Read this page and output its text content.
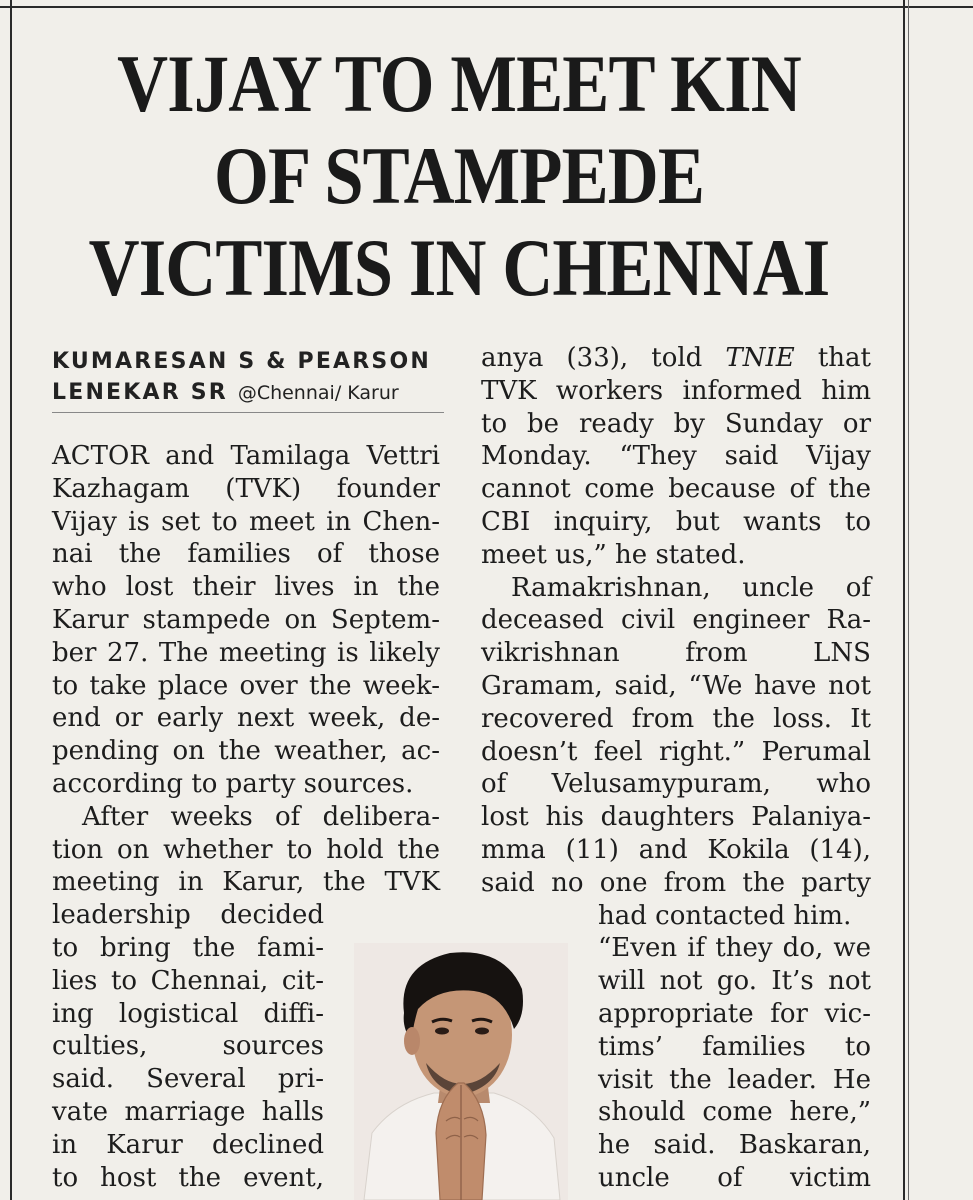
VIJAY TO MEET KIN
OF STAMPEDE
VICTIMS IN CHENNAI
KUMARESAN S & PEARSON
LENEKAR SR @Chennai/ Karur
ACTOR and Tamilaga Vettri
Kazhagam (TVK) founder
Vijay is set to meet in Chen-
nai the families of those
who lost their lives in the
Karur stampede on Septem-
ber 27. The meeting is likely
to take place over the week-
end or early next week, de-
pending on the weather, ac-
according to party sources.
After weeks of delibera-
tion on whether to hold the
meeting in Karur, the TVK
leadership decided
to bring the fami-
lies to Chennai, cit-
ing logistical diffi-
culties, sources
said. Several pri-
vate marriage halls
in Karur declined
to host the event,
anya (33), told TNIE that
TVK workers informed him
to be ready by Sunday or
Monday. “They said Vijay
cannot come because of the
CBI inquiry, but wants to
meet us,” he stated.
Ramakrishnan, uncle of
deceased civil engineer Ra-
vikrishnan from LNS
Gramam, said, “We have not
recovered from the loss. It
doesn’t feel right.” Perumal
of Velusamypuram, who
lost his daughters Palaniya-
mma (11) and Kokila (14),
said no one from the party
had contacted him.
“Even if they do, we
will not go. It’s not
appropriate for vic-
tims’ families to
visit the leader. He
should come here,”
he said. Baskaran,
uncle of victim
